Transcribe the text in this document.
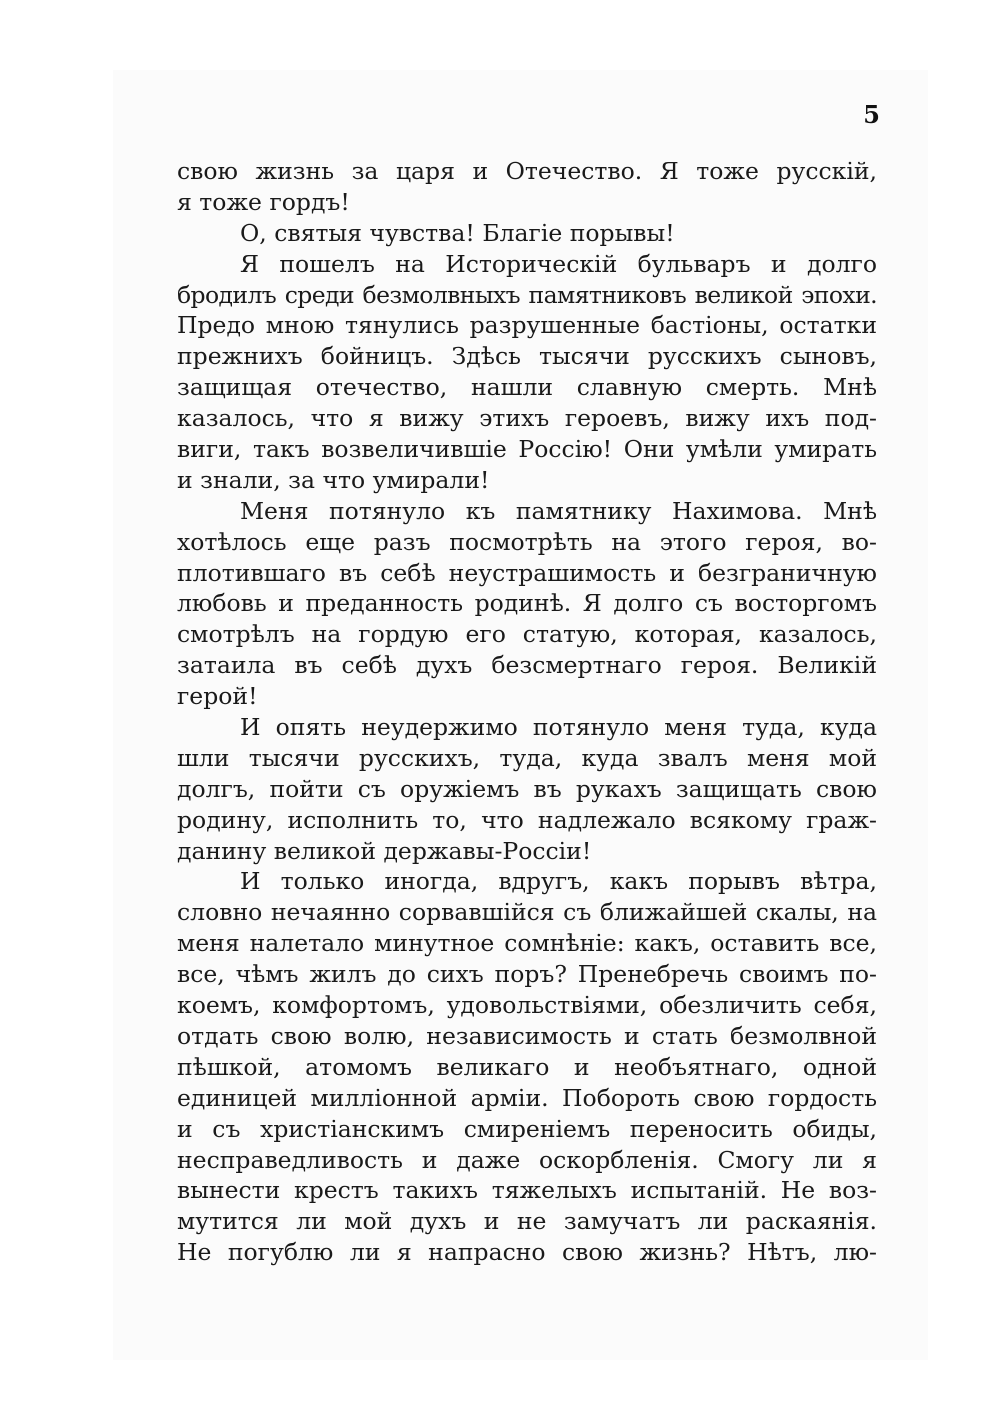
5
свою жизнь за царя и Отечество. Я тоже русскій,
я тоже гордъ!
О, святыя чувства! Благіе порывы!
Я пошелъ на Историческій бульваръ и долго
бродилъ среди безмолвныхъ памятниковъ великой эпохи.
Предо мною тянулись разрушенные бастіоны, остатки
прежнихъ бойницъ. Здѣсь тысячи русскихъ сыновъ,
защищая отечество, нашли славную смерть. Мнѣ
казалось, что я вижу этихъ героевъ, вижу ихъ под-
виги, такъ возвеличившіе Россію! Они умѣли умирать
и знали, за что умирали!
Меня потянуло къ памятнику Нахимова. Мнѣ
хотѣлось еще разъ посмотрѣть на этого героя, во-
плотившаго въ себѣ неустрашимость и безграничную
любовь и преданность родинѣ. Я долго съ восторгомъ
смотрѣлъ на гордую его статую, которая, казалось,
затаила въ себѣ духъ безсмертнаго героя. Великій
герой!
И опять неудержимо потянуло меня туда, куда
шли тысячи русскихъ, туда, куда звалъ меня мой
долгъ, пойти съ оружіемъ въ рукахъ защищать свою
родину, исполнить то, что надлежало всякому граж-
данину великой державы-Россіи!
И только иногда, вдругъ, какъ порывъ вѣтра,
словно нечаянно сорвавшійся съ ближайшей скалы, на
меня налетало минутное сомнѣніе: какъ, оставить все,
все, чѣмъ жилъ до сихъ поръ? Пренебречь своимъ по-
коемъ, комфортомъ, удовольствіями, обезличить себя,
отдать свою волю, независимость и стать безмолвной
пѣшкой, атомомъ великаго и необъятнаго, одной
единицей милліонной арміи. Побороть свою гордость
и съ христіанскимъ смиреніемъ переносить обиды,
несправедливость и даже оскорбленія. Смогу ли я
вынести крестъ такихъ тяжелыхъ испытаній. Не воз-
мутится ли мой духъ и не замучатъ ли раскаянія.
Не погублю ли я напрасно свою жизнь? Нѣтъ, лю-
